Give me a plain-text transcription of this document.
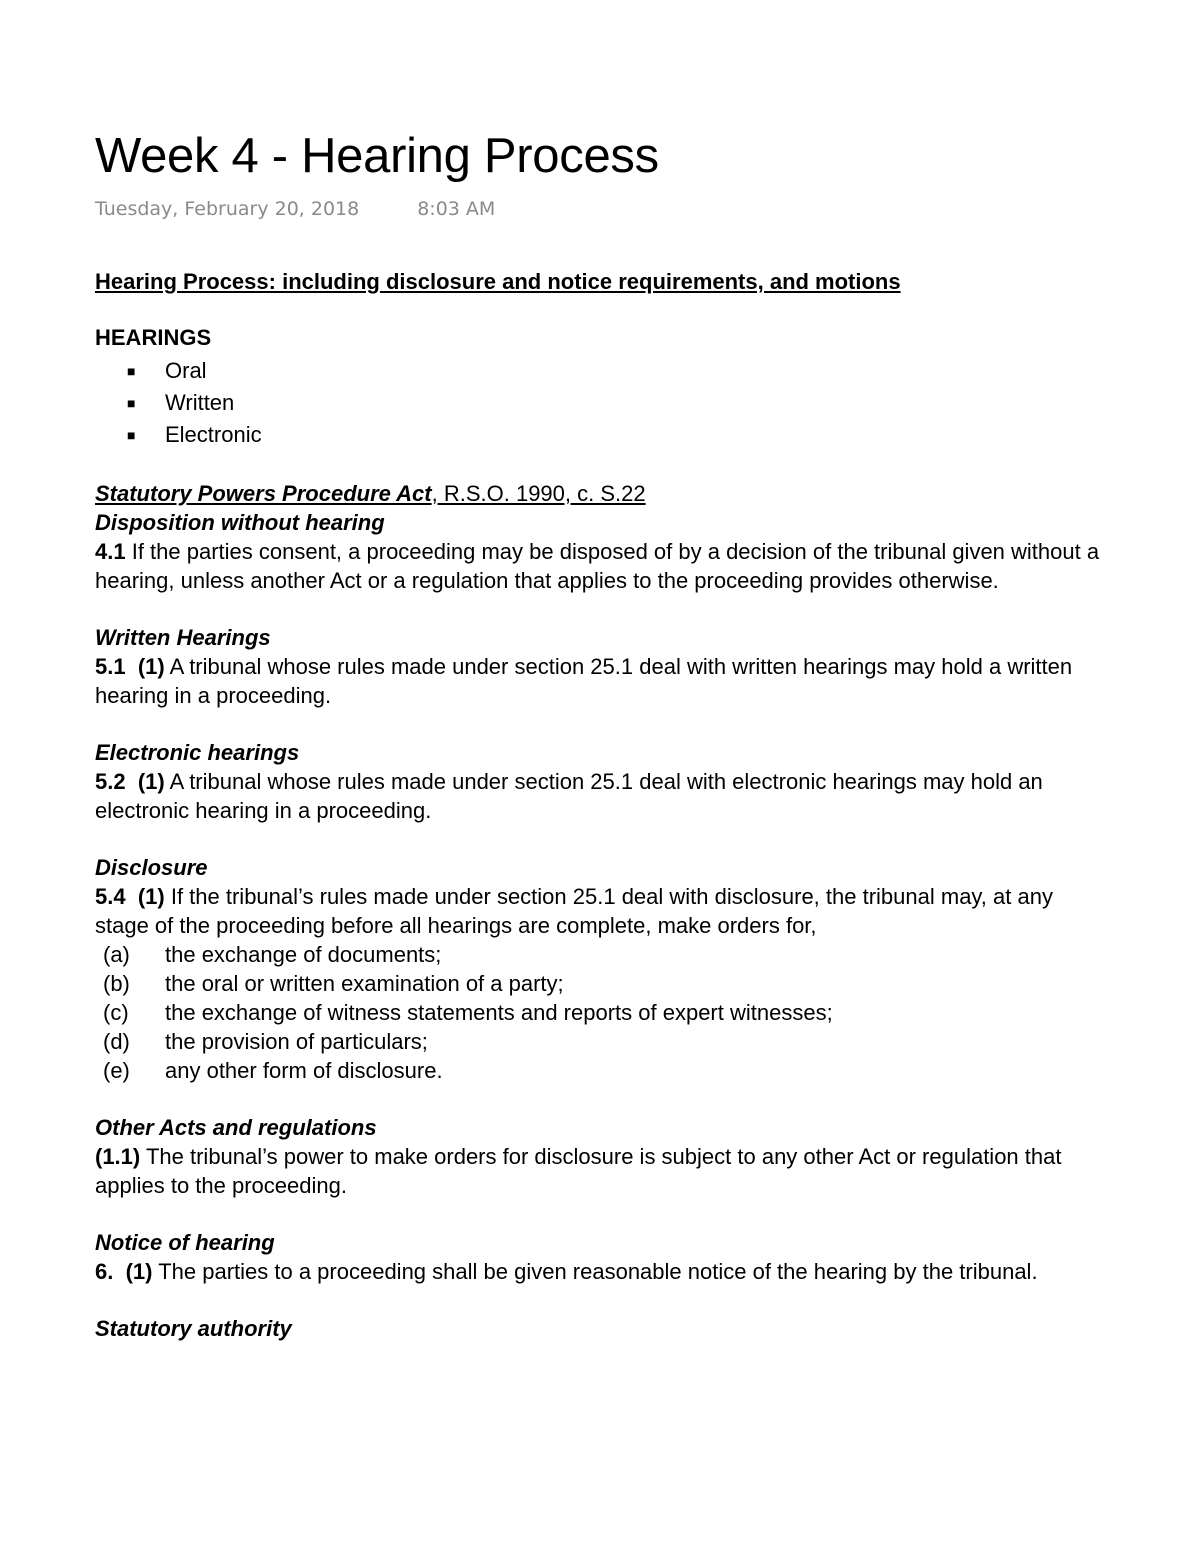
Week 4 - Hearing Process
Tuesday, February 20, 2018	8:03 AM
Hearing Process: including disclosure and notice requirements, and motions
HEARINGS
■ Oral
■ Written
■ Electronic
Statutory Powers Procedure Act, R.S.O. 1990, c. S.22
Disposition without hearing

4.1 If the parties consent, a proceeding may be disposed of by a decision of the tribunal given without a hearing, unless another Act or a regulation that applies to the proceeding provides otherwise.

Written Hearings

5.1 (1) A tribunal whose rules made under section 25.1 deal with written hearings may hold a written hearing in a proceeding.

Electronic hearings

5.2 (1) A tribunal whose rules made under section 25.1 deal with electronic hearings may hold an electronic hearing in a proceeding.

Disclosure

5.4 (1) If the tribunal’s rules made under section 25.1 deal with disclosure, the tribunal may, at any stage of the proceeding before all hearings are complete, make orders for,

(a) the exchange of documents;
(b) the oral or written examination of a party;
(c) the exchange of witness statements and reports of expert witnesses;
(d) the provision of particulars;
(e) any other form of disclosure.
Other Acts and regulations

(1.1) The tribunal’s power to make orders for disclosure is subject to any other Act or regulation that applies to the proceeding.

Notice of hearing

6. (1) The parties to a proceeding shall be given reasonable notice of the hearing by the tribunal.

Statutory authority
